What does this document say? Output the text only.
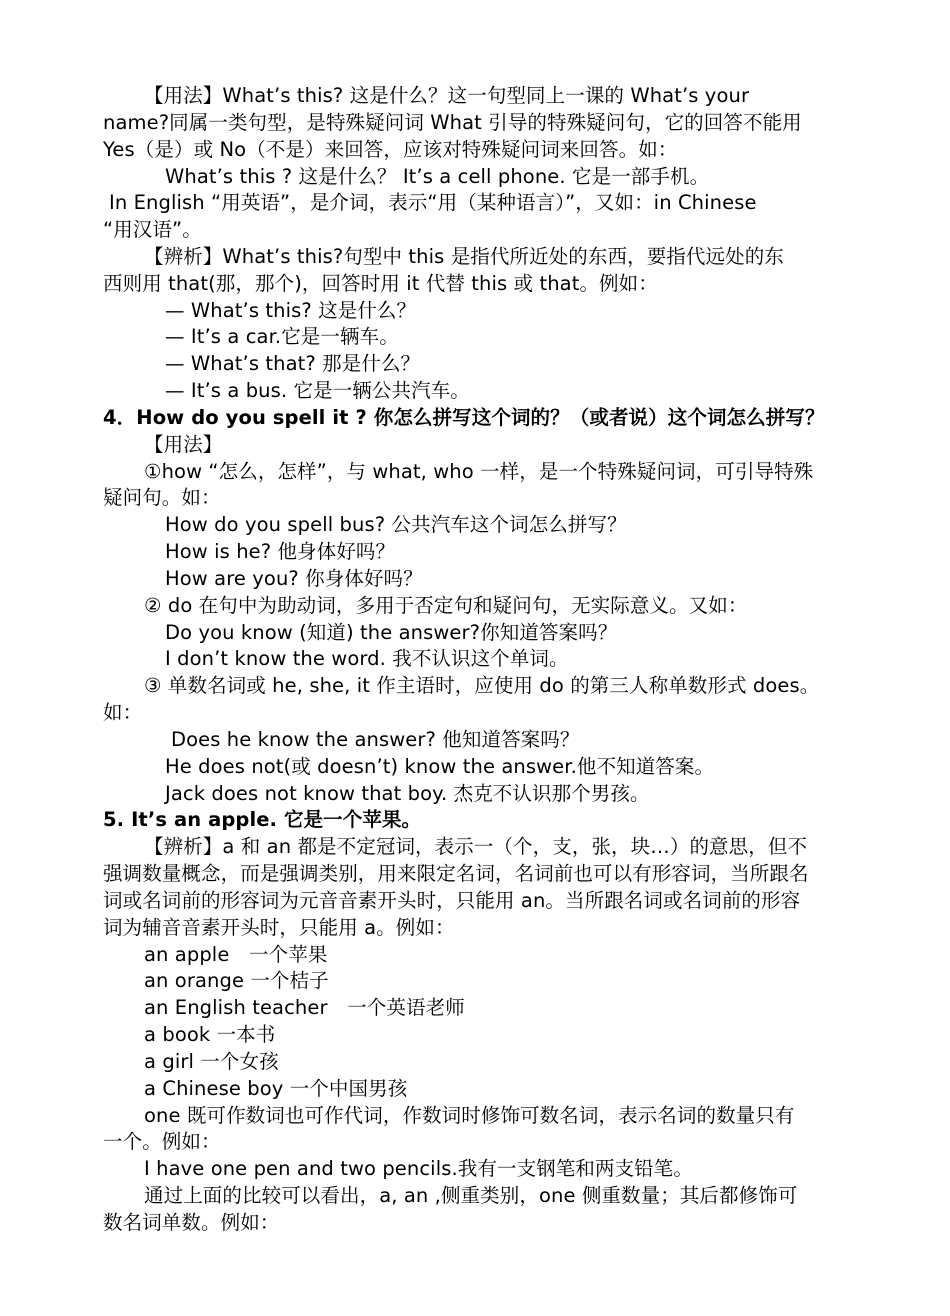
【用法】What’s this? 这是什么？这一句型同上一课的 What’s your
name?同属一类句型，是特殊疑问词 What 引导的特殊疑问句，它的回答不能用
Yes（是）或 No（不是）来回答，应该对特殊疑问词来回答。如：
What’s this ? 这是什么？ It’s a cell phone. 它是一部手机。
In English “用英语”，是介词，表示“用（某种语言）”，又如：in Chinese
“用汉语”。
【辨析】What’s this?句型中 this 是指代所近处的东西，要指代远处的东
西则用 that(那，那个)，回答时用 it 代替 this 或 that。例如：
— What’s this? 这是什么？
— It’s a car.它是一辆车。
— What’s that? 那是什么？
— It’s a bus. 它是一辆公共汽车。
4．How do you spell it ? 你怎么拼写这个词的？（或者说）这个词怎么拼写？
【用法】
①how “怎么，怎样”，与 what, who 一样，是一个特殊疑问词，可引导特殊
疑问句。如：
How do you spell bus? 公共汽车这个词怎么拼写？
How is he? 他身体好吗？
How are you? 你身体好吗？
② do 在句中为助动词，多用于否定句和疑问句，无实际意义。又如：
Do you know (知道) the answer?你知道答案吗？
I don’t know the word. 我不认识这个单词。
③ 单数名词或 he, she, it 作主语时，应使用 do 的第三人称单数形式 does。
如：
Does he know the answer? 他知道答案吗？
He does not(或 doesn’t) know the answer.他不知道答案。
Jack does not know that boy. 杰克不认识那个男孩。
5. It’s an apple. 它是一个苹果。
【辨析】a 和 an 都是不定冠词，表示一（个，支，张，块…）的意思，但不
强调数量概念，而是强调类别，用来限定名词，名词前也可以有形容词，当所跟名
词或名词前的形容词为元音音素开头时，只能用 an。当所跟名词或名词前的形容
词为辅音音素开头时，只能用 a。例如：
an apple　一个苹果
an orange 一个桔子
an English teacher　一个英语老师
a book 一本书
a girl 一个女孩
a Chinese boy 一个中国男孩
one 既可作数词也可作代词，作数词时修饰可数名词，表示名词的数量只有
一个。例如：
I have one pen and two pencils.我有一支钢笔和两支铅笔。
通过上面的比较可以看出，a, an ,侧重类别，one 侧重数量；其后都修饰可
数名词单数。例如：
